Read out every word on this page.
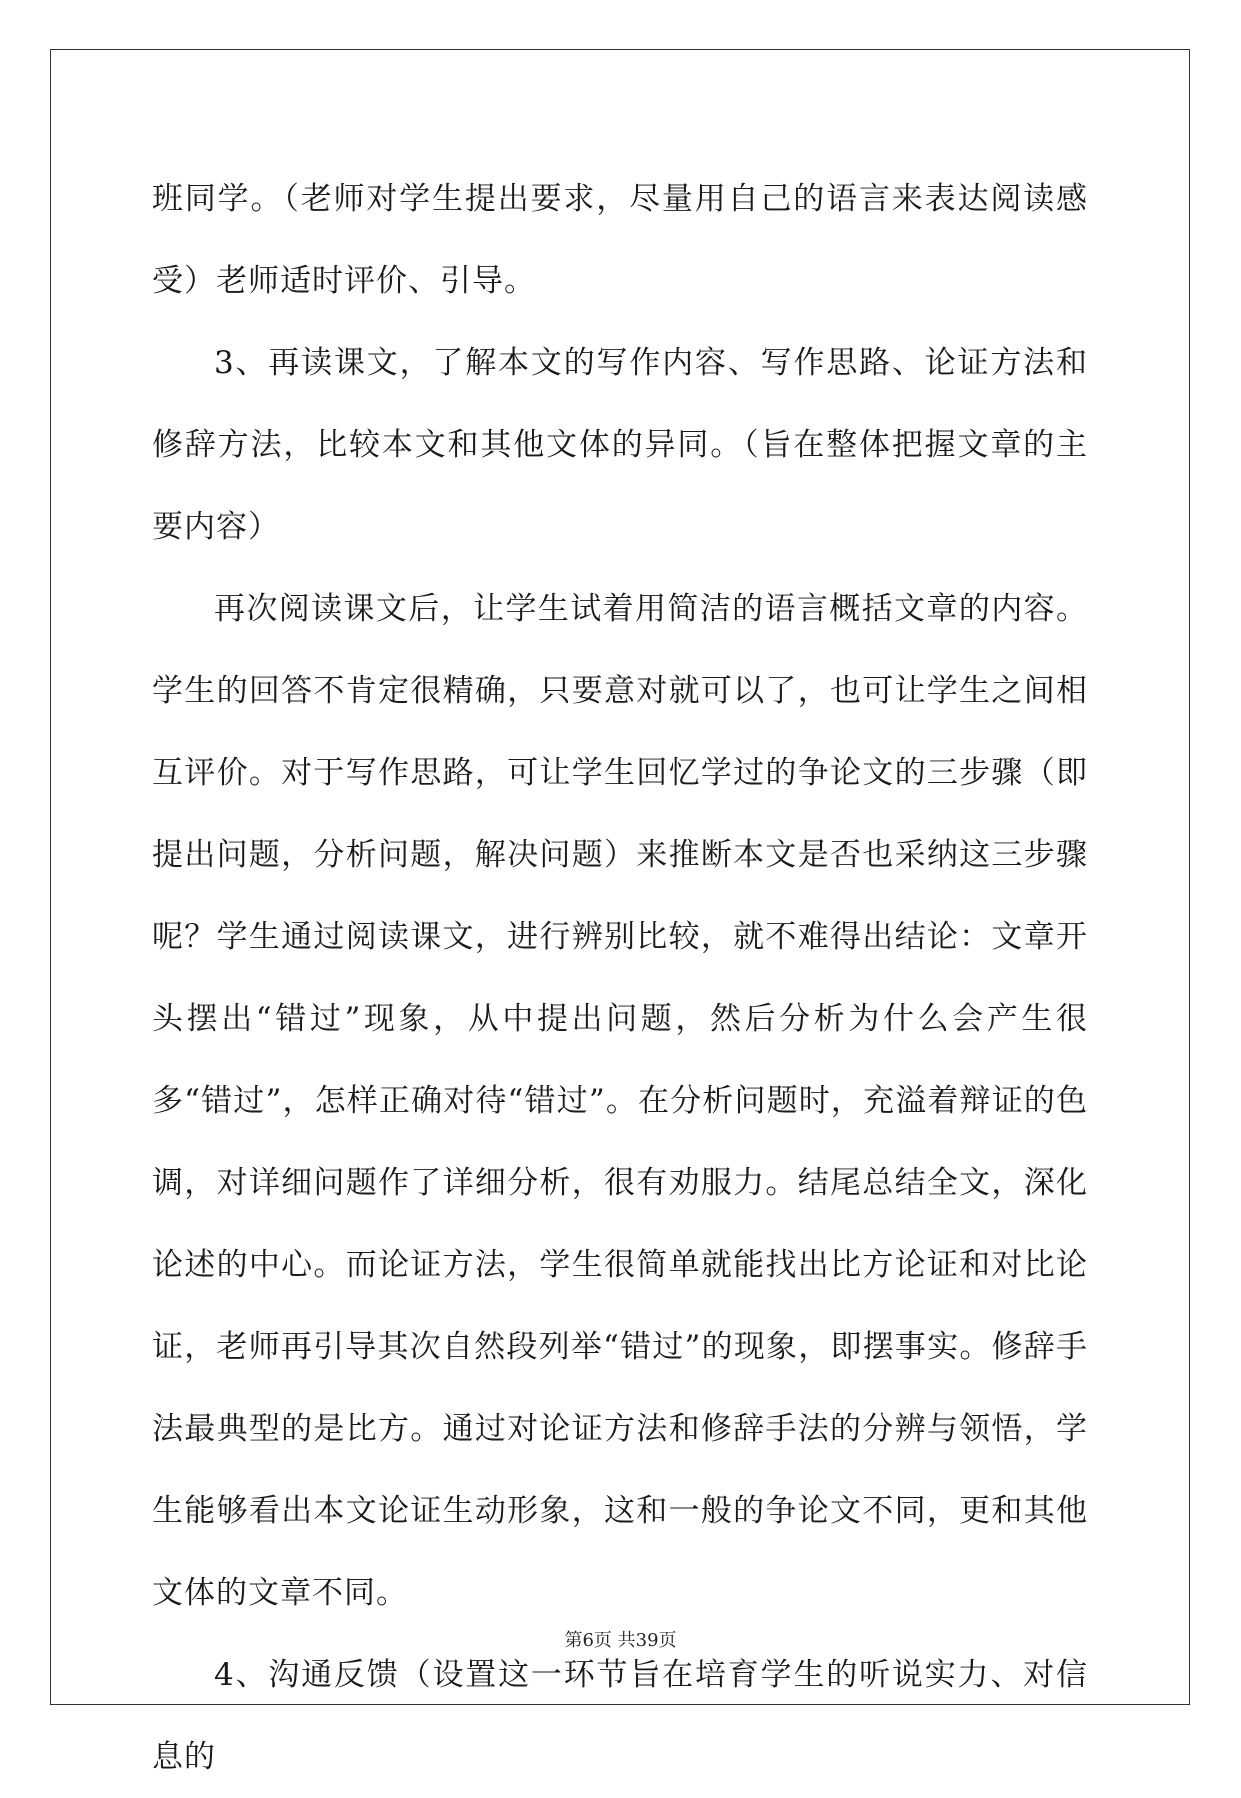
班同学。（老师对学生提出要求，尽量用自己的语言来表达阅读感受）老师适时评价、引导。

3、再读课文，了解本文的写作内容、写作思路、论证方法和修辞方法，比较本文和其他文体的异同。（旨在整体把握文章的主要内容）

再次阅读课文后，让学生试着用简洁的语言概括文章的内容。学生的回答不肯定很精确，只要意对就可以了，也可让学生之间相互评价。对于写作思路，可让学生回忆学过的争论文的三步骤（即提出问题，分析问题，解决问题）来推断本文是否也采纳这三步骤呢？学生通过阅读课文，进行辨别比较，就不难得出结论：文章开头摆出“错过”现象，从中提出问题，然后分析为什么会产生很多“错过”，怎样正确对待“错过”。在分析问题时，充溢着辩证的色调，对详细问题作了详细分析，很有劝服力。结尾总结全文，深化论述的中心。而论证方法，学生很简单就能找出比方论证和对比论证，老师再引导其次自然段列举“错过”的现象，即摆事实。修辞手法最典型的是比方。通过对论证方法和修辞手法的分辨与领悟，学生能够看出本文论证生动形象，这和一般的争论文不同，更和其他文体的文章不同。

4、沟通反馈（设置这一环节旨在培育学生的听说实力、对信息的

第6页 共39页
